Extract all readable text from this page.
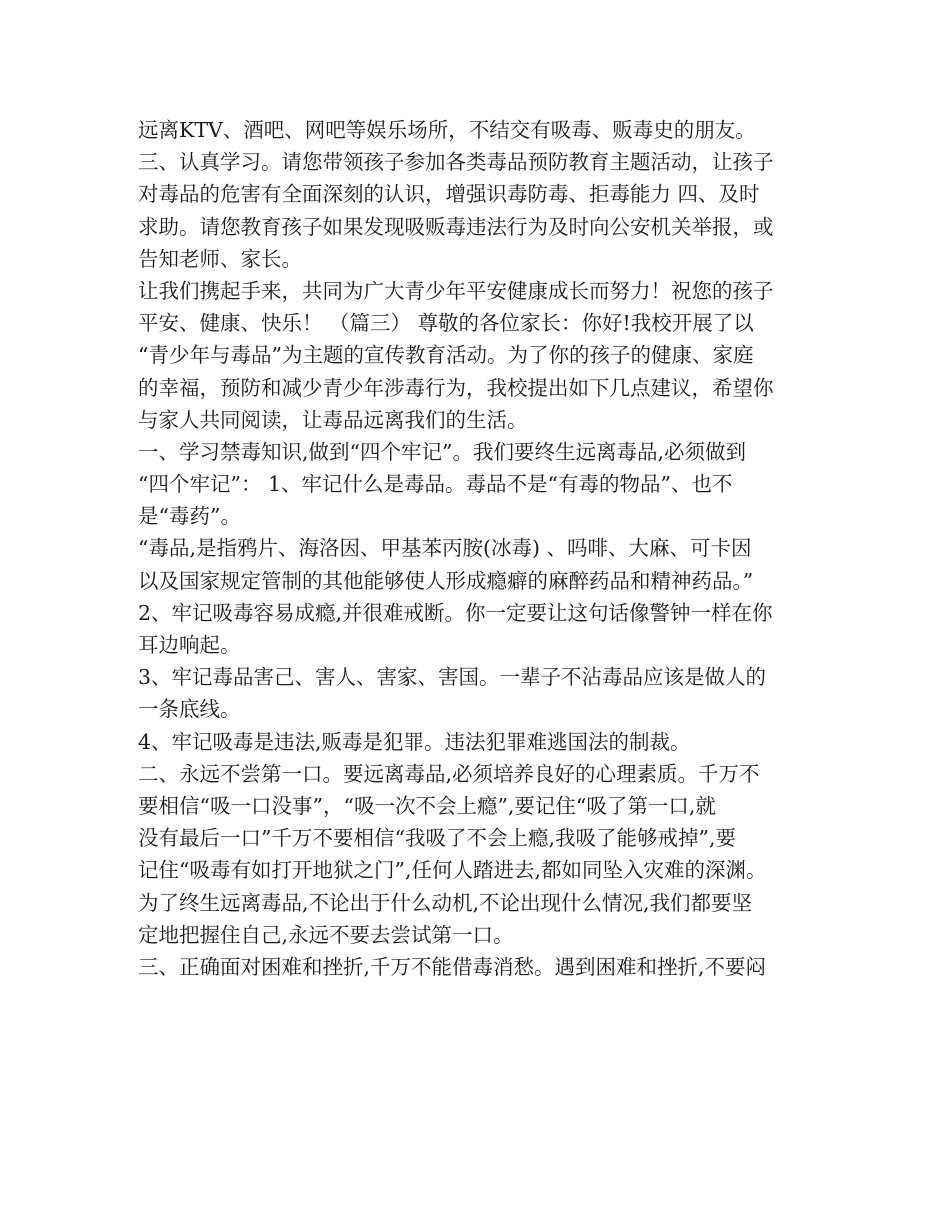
远离KTV、酒吧、网吧等娱乐场所，不结交有吸毒、贩毒史的朋友。
三、认真学习。请您带领孩子参加各类毒品预防教育主题活动，让孩子
对毒品的危害有全面深刻的认识，增强识毒防毒、拒毒能力 四、及时
求助。请您教育孩子如果发现吸贩毒违法行为及时向公安机关举报，或
告知老师、家长。
让我们携起手来，共同为广大青少年平安健康成长而努力！祝您的孩子
平安、健康、快乐！ （篇三） 尊敬的各位家长：你好!我校开展了以
“青少年与毒品”为主题的宣传教育活动。为了你的孩子的健康、家庭
的幸福，预防和减少青少年涉毒行为，我校提出如下几点建议，希望你
与家人共同阅读，让毒品远离我们的生活。
一、学习禁毒知识,做到“四个牢记”。我们要终生远离毒品,必须做到
“四个牢记”： 1、牢记什么是毒品。毒品不是“有毒的物品”、也不
是“毒药”。
“毒品,是指鸦片、海洛因、甲基苯丙胺(冰毒) 、吗啡、大麻、可卡因
以及国家规定管制的其他能够使人形成瘾癖的麻醉药品和精神药品。”
2、牢记吸毒容易成瘾,并很难戒断。你一定要让这句话像警钟一样在你
耳边响起。
3、牢记毒品害己、害人、害家、害国。一辈子不沾毒品应该是做人的
一条底线。
4、牢记吸毒是违法,贩毒是犯罪。违法犯罪难逃国法的制裁。
二、永远不尝第一口。要远离毒品,必须培养良好的心理素质。千万不
要相信“吸一口没事”，“吸一次不会上瘾”,要记住“吸了第一口,就
没有最后一口”千万不要相信“我吸了不会上瘾,我吸了能够戒掉”,要
记住“吸毒有如打开地狱之门”,任何人踏进去,都如同坠入灾难的深渊。
为了终生远离毒品,不论出于什么动机,不论出现什么情况,我们都要坚
定地把握住自己,永远不要去尝试第一口。
三、正确面对困难和挫折,千万不能借毒消愁。遇到困难和挫折,不要闷
